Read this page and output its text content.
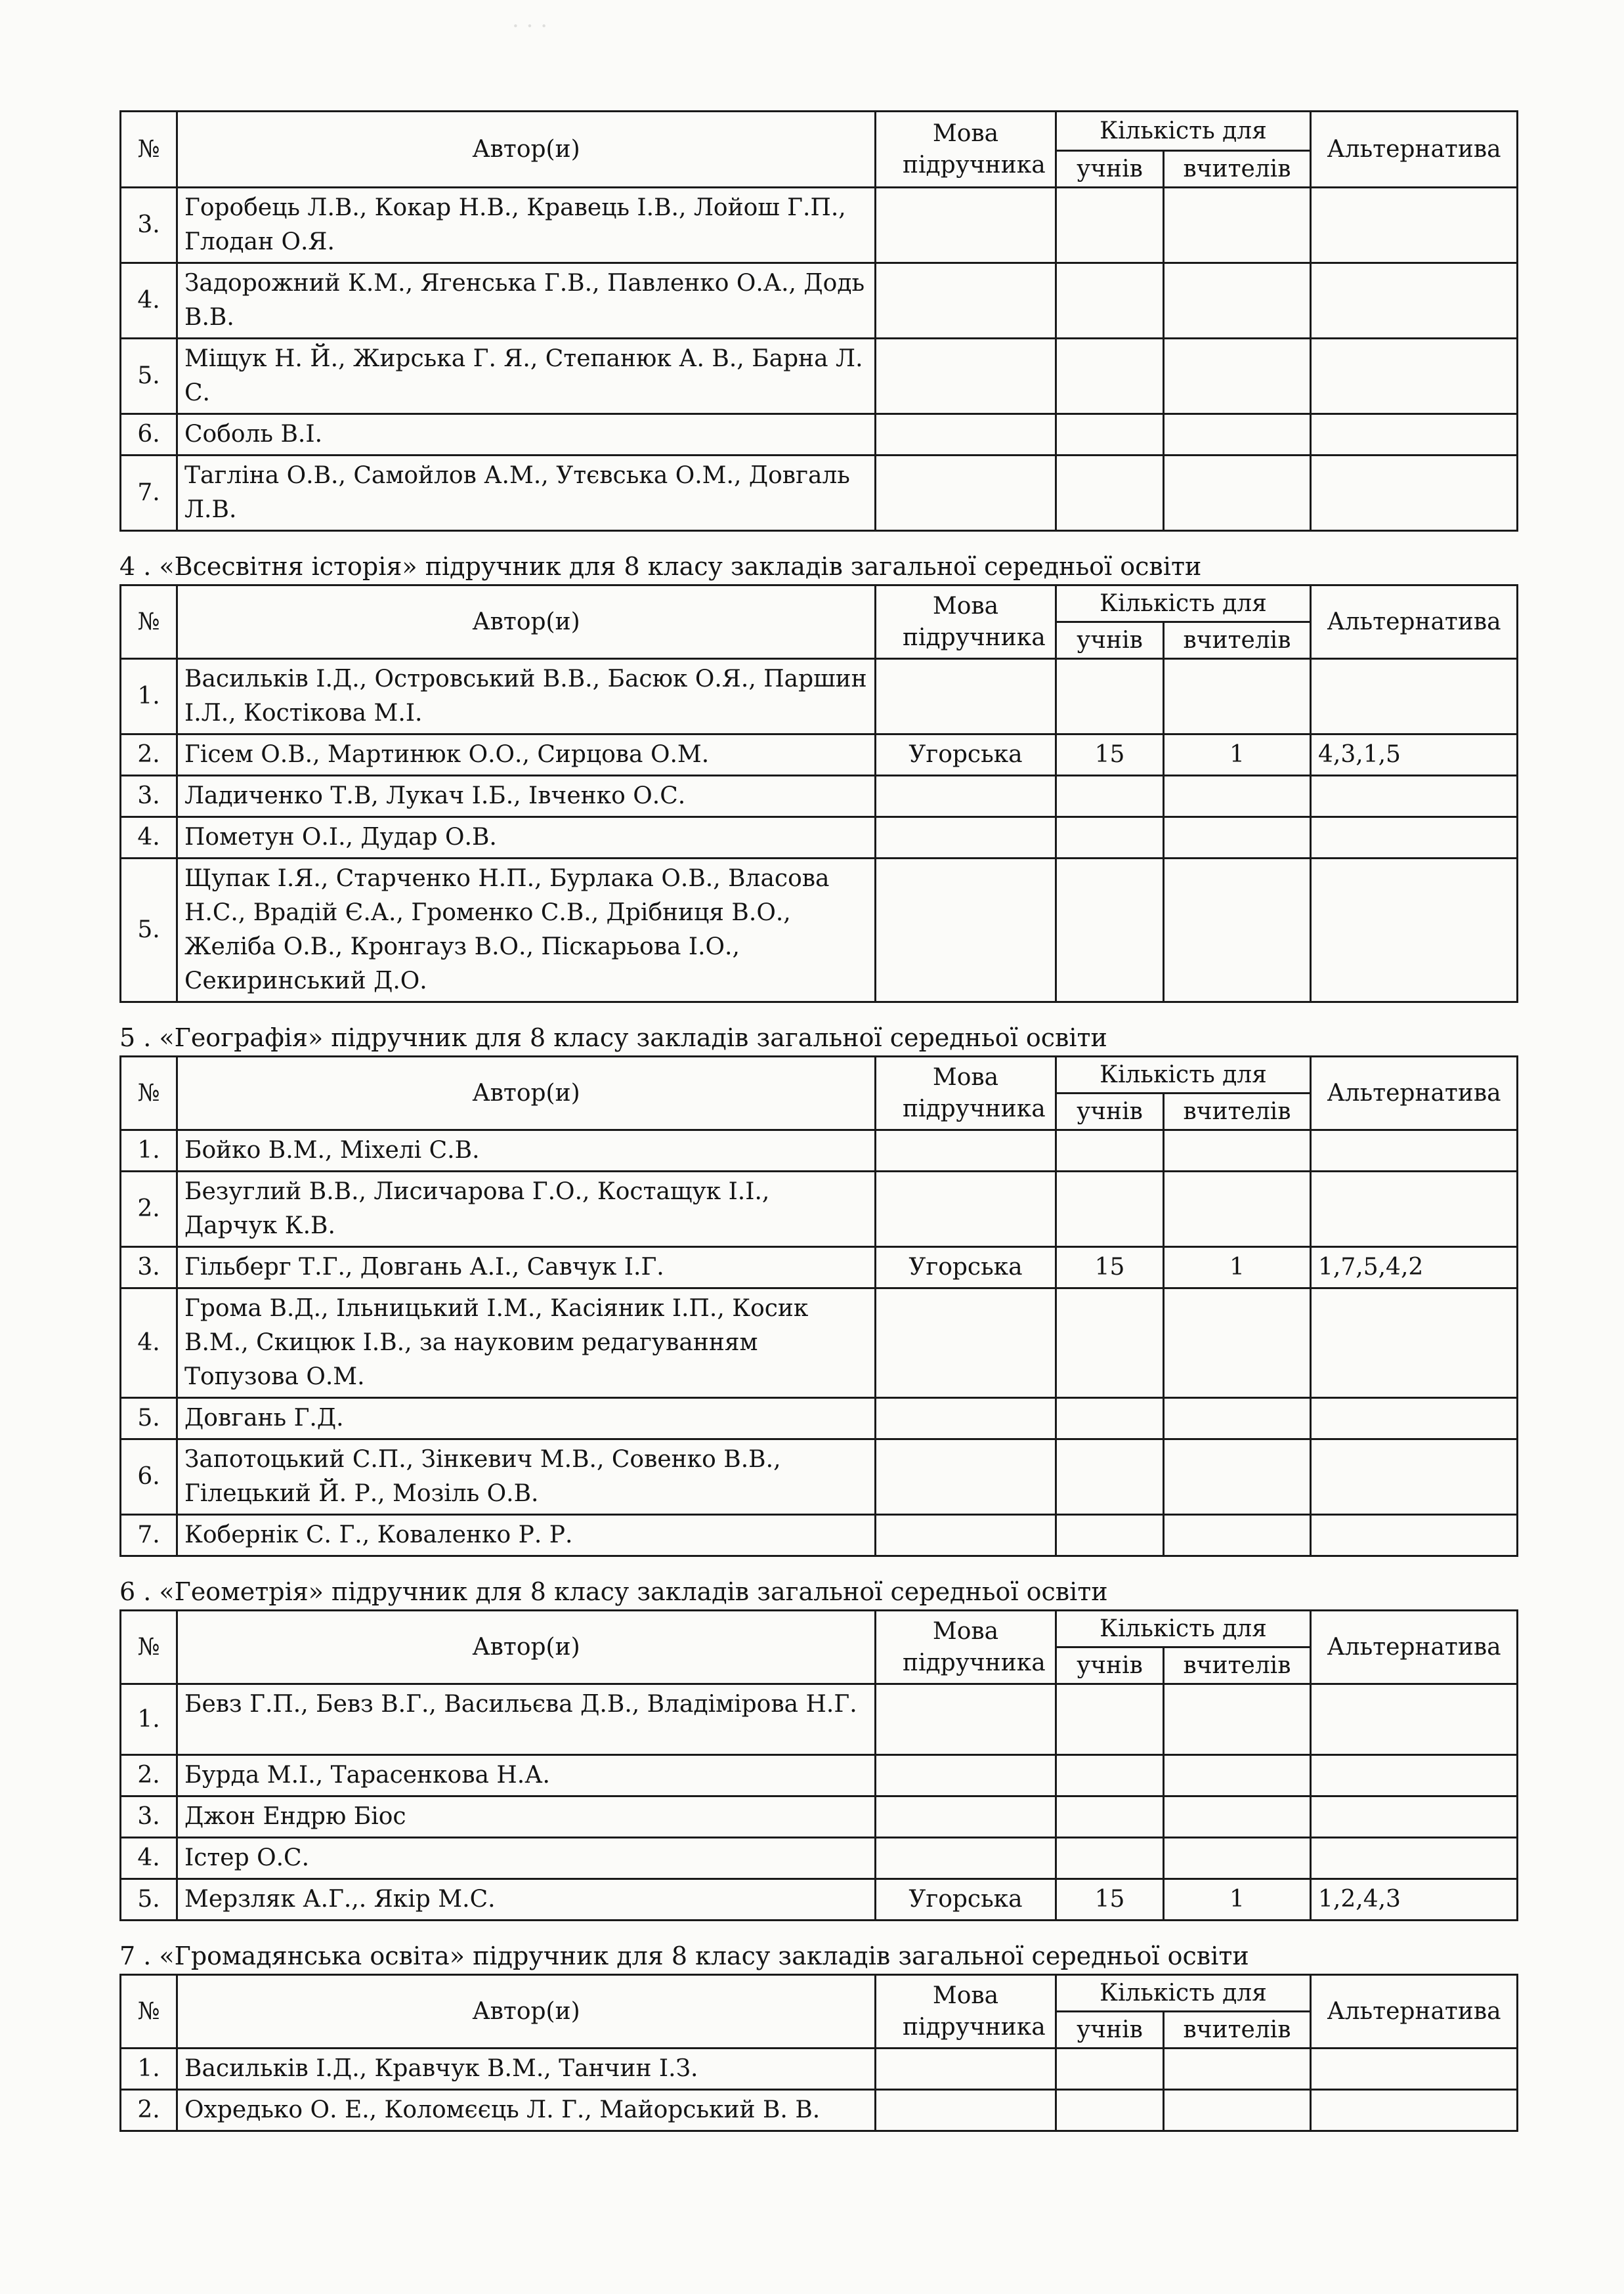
· · ·
№	Автор(и)	Мова підручника	Кількість для		Альтернатива
			учнів	вчителів	
3.	Горобець Л.В., Кокар Н.В., Кравець І.В., Лойош Г.П., Глодан О.Я.				
4.	Задорожний К.М., Ягенська Г.В., Павленко О.А., Додь В.В.				
5.	Міщук Н. Й., Жирська Г. Я., Степанюк А. В., Барна Л. С.				
6.	Соболь В.І.				
7.	Тагліна О.В., Самойлов А.М., Утєвська О.М., Довгаль Л.В.				
4 . «Всесвітня історія» підручник для 8 класу закладів загальної середньої освіти
№	Автор(и)	Мова підручника	Кількість для		Альтернатива
			учнів	вчителів	
1.	Васильків І.Д., Островський В.В., Басюк О.Я., Паршин І.Л., Костікова М.І.				
2.	Гісем О.В., Мартинюк О.О., Сирцова О.М.	Угорська	15	1	4,3,1,5
3.	Ладиченко Т.В, Лукач І.Б., Івченко О.С.				
4.	Пометун О.І., Дудар О.В.				
5.	Щупак І.Я., Старченко Н.П., Бурлака О.В., Власова Н.С., Врадій Є.А., Громенко С.В., Дрібниця В.О., Желіба О.В., Кронгауз В.О., Піскарьова І.О., Секиринський Д.О.				
5 . «Географія» підручник для 8 класу закладів загальної середньої освіти
№	Автор(и)	Мова підручника	Кількість для		Альтернатива
			учнів	вчителів	
1.	Бойко В.М., Міхелі С.В.				
2.	Безуглий В.В., Лисичарова Г.О., Костащук І.І., Дарчук К.В.				
3.	Гільберг Т.Г., Довгань А.І., Савчук І.Г.	Угорська	15	1	1,7,5,4,2
4.	Грома В.Д., Ільницький І.М., Касіяник І.П., Косик В.М., Скицюк І.В., за науковим редагуванням Топузова О.М.				
5.	Довгань Г.Д.				
6.	Запотоцький С.П., Зінкевич М.В., Совенко В.В., Гілецький Й. Р., Мозіль О.В.				
7.	Кобернік С. Г., Коваленко Р. Р.				
6 . «Геометрія» підручник для 8 класу закладів загальної середньої освіти
№	Автор(и)	Мова підручника	Кількість для		Альтернатива
			учнів	вчителів	
1.	Бевз Г.П., Бевз В.Г., Васильєва Д.В., Владімірова Н.Г.				
2.	Бурда М.І., Тарасенкова Н.А.				
3.	Джон Ендрю Біос				
4.	Істер О.С.				
5.	Мерзляк А.Г.,. Якір М.С.	Угорська	15	1	1,2,4,3
7 . «Громадянська освіта» підручник для 8 класу закладів загальної середньої освіти
№	Автор(и)	Мова підручника	Кількість для		Альтернатива
			учнів	вчителів	
1.	Васильків І.Д., Кравчук В.М., Танчин І.З.				
2.	Охредько О. Е., Коломєєць Л. Г., Майорський В. В.				
